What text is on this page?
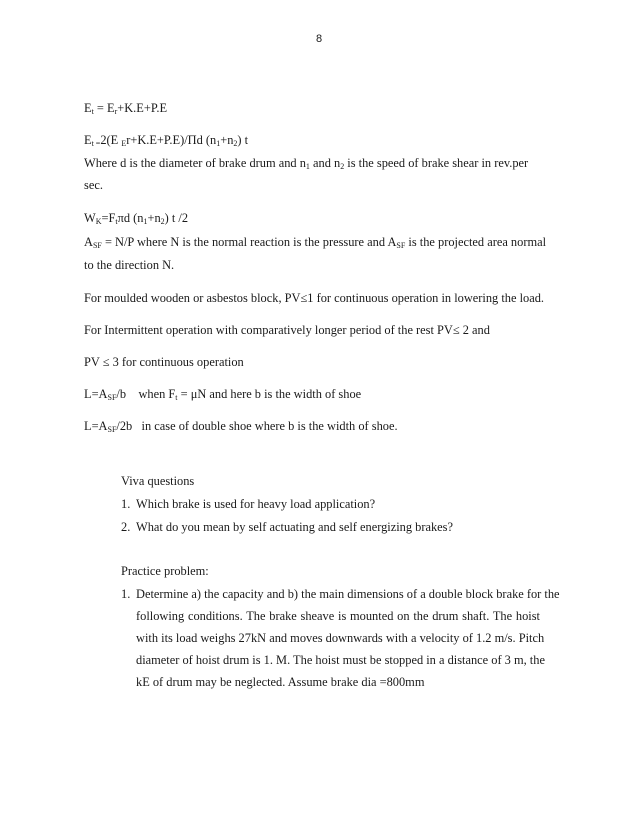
8
$E_t = E_r+K.E+P.E$
$E_{t =}2(E$ $_E$r+K.E+P.E)/Πd $(n_1+n_2)$ t
Where d is the diameter of brake drum and $n_1$ and $n_2$ is the speed of brake shear in rev.per
sec.
$W_K=F_t\pi d$ $(n_1+n_2)$ t /2
$A_{SF} = N/P$ where N is the normal reaction is the pressure and $A_{SF}$ is the projected area normal
to the direction N.
For moulded wooden or asbestos block, PV≤1 for continuous operation in lowering the load.
For Intermittent operation with comparatively longer period of the rest PV≤ 2 and
PV ≤ 3 for continuous operation
$L=A_{SF}/b$    when $F_t = \mu N$ and here b is the width of shoe
$L=A_{SF}/2b$   in case of double shoe where b is the width of shoe.
Viva questions
1. Which brake is used for heavy load application?
2. What do you mean by self actuating and self energizing brakes?
Practice problem:
1. Determine a) the capacity and b) the main dimensions of a double block brake for the
following conditions. The brake sheave is mounted on the drum shaft. The hoist
with its load weighs 27kN and moves downwards with a velocity of 1.2 m/s. Pitch
diameter of hoist drum is 1. M. The hoist must be stopped in a distance of 3 m, the
kE of drum may be neglected. Assume brake dia =800mm
